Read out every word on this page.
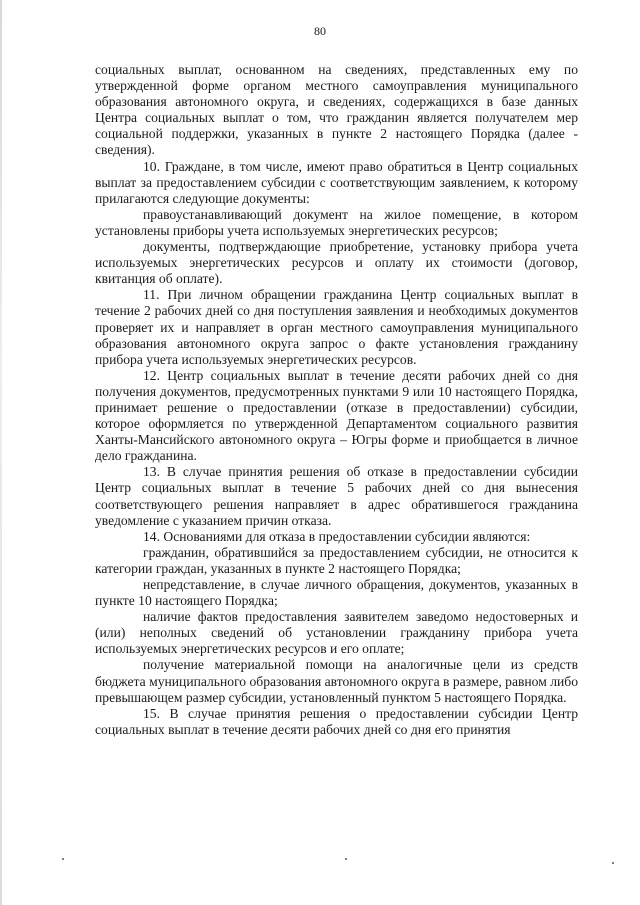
80

социальных выплат, основанном на сведениях, представленных ему по утвержденной форме органом местного самоуправления муниципального образования автономного округа, и сведениях, содержащихся в базе данных Центра социальных выплат о том, что гражданин является получателем мер социальной поддержки, указанных в пункте 2 настоящего Порядка (далее - сведения).

10. Граждане, в том числе, имеют право обратиться в Центр социальных выплат за предоставлением субсидии с соответствующим заявлением, к которому прилагаются следующие документы:

правоустанавливающий документ на жилое помещение, в котором установлены приборы учета используемых энергетических ресурсов;

документы, подтверждающие приобретение, установку прибора учета используемых энергетических ресурсов и оплату их стоимости (договор, квитанция об оплате).

11. При личном обращении гражданина Центр социальных выплат в течение 2 рабочих дней со дня поступления заявления и необходимых документов проверяет их и направляет в орган местного самоуправления муниципального образования автономного округа запрос о факте установления гражданину прибора учета используемых энергетических ресурсов.

12. Центр социальных выплат в течение десяти рабочих дней со дня получения документов, предусмотренных пунктами 9 или 10 настоящего Порядка, принимает решение о предоставлении (отказе в предоставлении) субсидии, которое оформляется по утвержденной Департаментом социального развития Ханты-Мансийского автономного округа – Югры форме и приобщается в личное дело гражданина.

13. В случае принятия решения об отказе в предоставлении субсидии Центр социальных выплат в течение 5 рабочих дней со дня вынесения соответствующего решения направляет в адрес обратившегося гражданина уведомление с указанием причин отказа.

14. Основаниями для отказа в предоставлении субсидии являются:

гражданин, обратившийся за предоставлением субсидии, не относится к категории граждан, указанных в пункте 2 настоящего Порядка;

непредставление, в случае личного обращения, документов, указанных в пункте 10 настоящего Порядка;

наличие фактов предоставления заявителем заведомо недостоверных и (или) неполных сведений об установлении гражданину прибора учета используемых энергетических ресурсов и его оплате;

получение материальной помощи на аналогичные цели из средств бюджета муниципального образования автономного округа в размере, равном либо превышающем размер субсидии, установленный пунктом 5 настоящего Порядка.

15. В случае принятия решения о предоставлении субсидии Центр социальных выплат в течение десяти рабочих дней со дня его принятия
